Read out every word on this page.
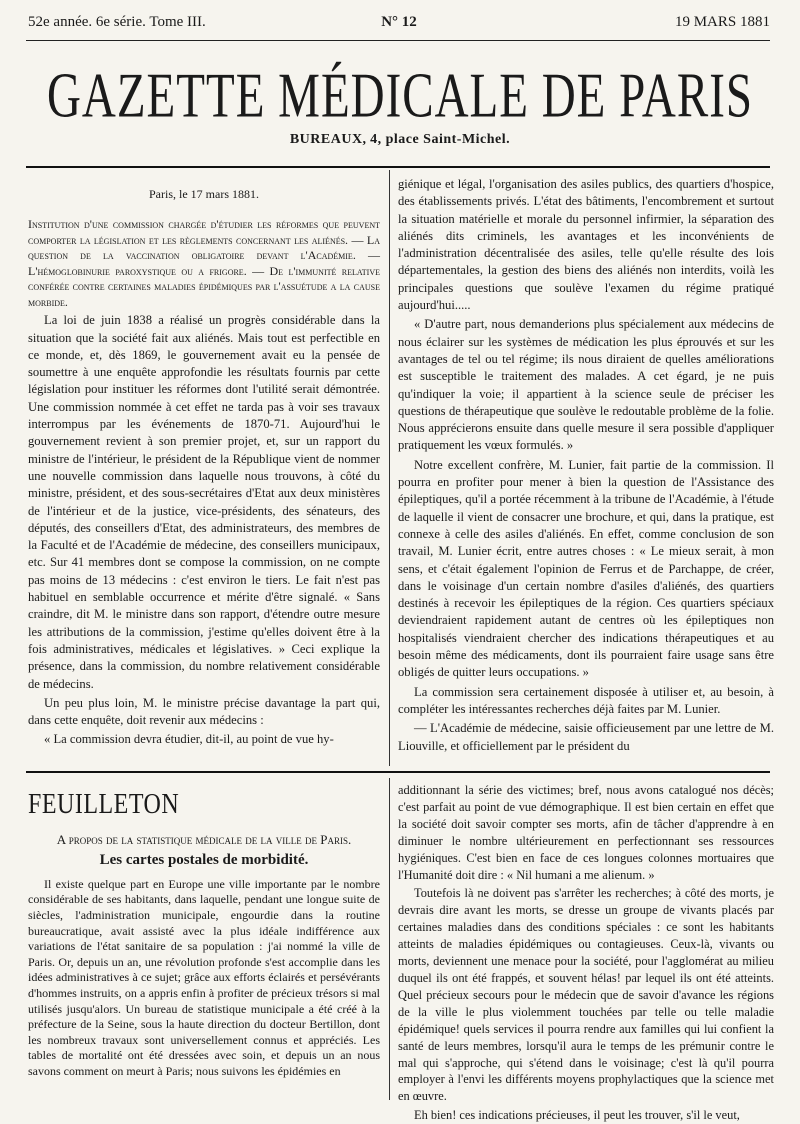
52e année. 6e série. Tome III.	N° 12	19 MARS 1881
GAZETTE MÉDICALE DE PARIS
BUREAUX, 4, place Saint-Michel.
Paris, le 17 mars 1881.

Institution d'une commission chargée d'étudier les réformes que peuvent comporter la législation et les règlements concernant les aliénés. — La question de la vaccination obligatoire devant l'Académie. — L'hémoglobinurie paroxystique ou a frigore. — De l'immunité relative conférée contre certaines maladies épidémiques par l'assuétude a la cause morbide.

La loi de juin 1838 a réalisé un progrès considérable dans la situation que la société fait aux aliénés. Mais tout est perfectible en ce monde, et, dès 1869, le gouvernement avait eu la pensée de soumettre à une enquête approfondie les résultats fournis par cette législation pour instituer les réformes dont l'utilité serait démontrée. Une commission nommée à cet effet ne tarda pas à voir ses travaux interrompus par les événements de 1870-71. Aujourd'hui le gouvernement revient à son premier projet, et, sur un rapport du ministre de l'intérieur, le président de la République vient de nommer une nouvelle commission dans laquelle nous trouvons, à côté du ministre, président, et des sous-secrétaires d'Etat aux deux ministères de l'intérieur et de la justice, vice-présidents, des sénateurs, des députés, des conseillers d'Etat, des administrateurs, des membres de la Faculté et de l'Académie de médecine, des conseillers municipaux, etc. Sur 41 membres dont se compose la commission, on ne compte pas moins de 13 médecins : c'est environ le tiers. Le fait n'est pas habituel en semblable occurrence et mérite d'être signalé. « Sans craindre, dit M. le ministre dans son rapport, d'étendre outre mesure les attributions de la commission, j'estime qu'elles doivent être à la fois administratives, médicales et législatives. » Ceci explique la présence, dans la commission, du nombre relativement considérable de médecins.

Un peu plus loin, M. le ministre précise davantage la part qui, dans cette enquête, doit revenir aux médecins :

« La commission devra étudier, dit-il, au point de vue hy-

giénique et légal, l'organisation des asiles publics, des quartiers d'hospice, des établissements privés. L'état des bâtiments, l'encombrement et surtout la situation matérielle et morale du personnel infirmier, la séparation des aliénés dits criminels, les avantages et les inconvénients de l'administration décentralisée des asiles, telle qu'elle résulte des lois départementales, la gestion des biens des aliénés non interdits, voilà les principales questions que soulève l'examen du régime pratiqué aujourd'hui.....

« D'autre part, nous demanderions plus spécialement aux médecins de nous éclairer sur les systèmes de médication les plus éprouvés et sur les avantages de tel ou tel régime; ils nous diraient de quelles améliorations est susceptible le traitement des malades. A cet égard, je ne puis qu'indiquer la voie; il appartient à la science seule de préciser les questions de thérapeutique que soulève le redoutable problème de la folie. Nous apprécierons ensuite dans quelle mesure il sera possible d'appliquer pratiquement les vœux formulés. »

Notre excellent confrère, M. Lunier, fait partie de la commission. Il pourra en profiter pour mener à bien la question de l'Assistance des épileptiques, qu'il a portée récemment à la tribune de l'Académie, à l'étude de laquelle il vient de consacrer une brochure, et qui, dans la pratique, est connexe à celle des asiles d'aliénés. En effet, comme conclusion de son travail, M. Lunier écrit, entre autres choses : « Le mieux serait, à mon sens, et c'était également l'opinion de Ferrus et de Parchappe, de créer, dans le voisinage d'un certain nombre d'asiles d'aliénés, des quartiers destinés à recevoir les épileptiques de la région. Ces quartiers spéciaux deviendraient rapidement autant de centres où les épileptiques non hospitalisés viendraient chercher des indications thérapeutiques et au besoin même des médicaments, dont ils pourraient faire usage sans être obligés de quitter leurs occupations. »

La commission sera certainement disposée à utiliser et, au besoin, à compléter les intéressantes recherches déjà faites par M. Lunier.

— L'Académie de médecine, saisie officieusement par une lettre de M. Liouville, et officiellement par le président du

FEUILLETON
A propos de la statistique médicale de la ville de Paris.
Les cartes postales de morbidité.

Il existe quelque part en Europe une ville importante par le nombre considérable de ses habitants, dans laquelle, pendant une longue suite de siècles, l'administration municipale, engourdie dans la routine bureaucratique, avait assisté avec la plus idéale indifférence aux variations de l'état sanitaire de sa population : j'ai nommé la ville de Paris. Or, depuis un an, une révolution profonde s'est accomplie dans les idées administratives à ce sujet; grâce aux efforts éclairés et persévérants d'hommes instruits, on a appris enfin à profiter de précieux trésors si mal utilisés jusqu'alors. Un bureau de statistique municipale a été créé à la préfecture de la Seine, sous la haute direction du docteur Bertillon, dont les nombreux travaux sont universellement connus et appréciés. Les tables de mortalité ont été dressées avec soin, et depuis un an nous savons comment on meurt à Paris; nous suivons les épidémies en

additionnant la série des victimes; bref, nous avons catalogué nos décès; c'est parfait au point de vue démographique. Il est bien certain en effet que la société doit savoir compter ses morts, afin de tâcher d'apprendre à en diminuer le nombre ultérieurement en perfectionnant ses ressources hygiéniques. C'est bien en face de ces longues colonnes mortuaires que l'Humanité doit dire : « Nil humani a me alienum. »

Toutefois là ne doivent pas s'arrêter les recherches; à côté des morts, je devrais dire avant les morts, se dresse un groupe de vivants placés par certaines maladies dans des conditions spéciales : ce sont les habitants atteints de maladies épidémiques ou contagieuses. Ceux-là, vivants ou morts, deviennent une menace pour la société, pour l'agglomérat au milieu duquel ils ont été frappés, et souvent hélas! par lequel ils ont été atteints. Quel précieux secours pour le médecin que de savoir d'avance les régions de la ville le plus violemment touchées par telle ou telle maladie épidémique! quels services il pourra rendre aux familles qui lui confient la santé de leurs membres, lorsqu'il aura le temps de les prémunir contre le mal qui s'approche, qui s'étend dans le voisinage; c'est là qu'il pourra employer à l'envi les différents moyens prophylactiques que la science met en œuvre.

Eh bien! ces indications précieuses, il peut les trouver, s'il le veut,
